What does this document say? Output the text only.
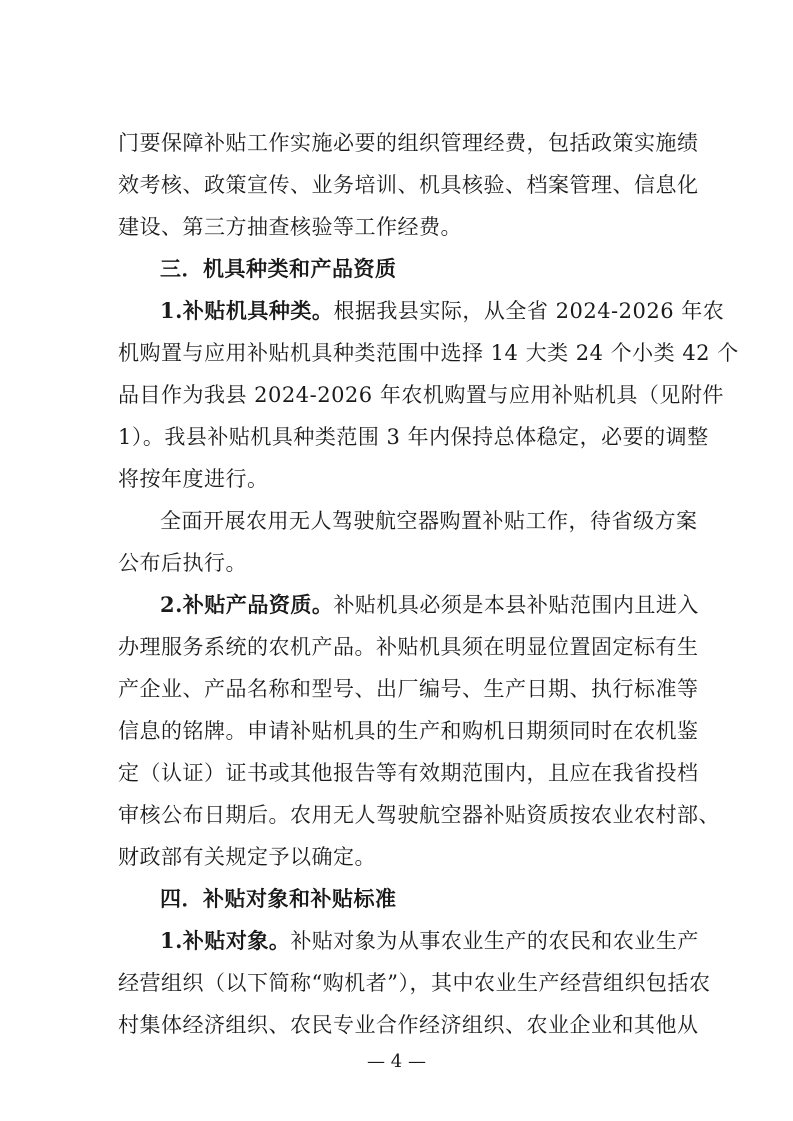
门要保障补贴工作实施必要的组织管理经费，包括政策实施绩
效考核、政策宣传、业务培训、机具核验、档案管理、信息化
建设、第三方抽查核验等工作经费。
三．机具种类和产品资质
1.补贴机具种类。根据我县实际，从全省 2024-2026 年农
机购置与应用补贴机具种类范围中选择 14 大类 24 个小类 42 个
品目作为我县 2024-2026 年农机购置与应用补贴机具（见附件
1）。我县补贴机具种类范围 3 年内保持总体稳定，必要的调整
将按年度进行。
全面开展农用无人驾驶航空器购置补贴工作，待省级方案
公布后执行。
2.补贴产品资质。补贴机具必须是本县补贴范围内且进入
办理服务系统的农机产品。补贴机具须在明显位置固定标有生
产企业、产品名称和型号、出厂编号、生产日期、执行标准等
信息的铭牌。申请补贴机具的生产和购机日期须同时在农机鉴
定（认证）证书或其他报告等有效期范围内，且应在我省投档
审核公布日期后。农用无人驾驶航空器补贴资质按农业农村部、
财政部有关规定予以确定。
四．补贴对象和补贴标准
1.补贴对象。补贴对象为从事农业生产的农民和农业生产
经营组织（以下简称“购机者”），其中农业生产经营组织包括农
村集体经济组织、农民专业合作经济组织、农业企业和其他从
— 4 —
